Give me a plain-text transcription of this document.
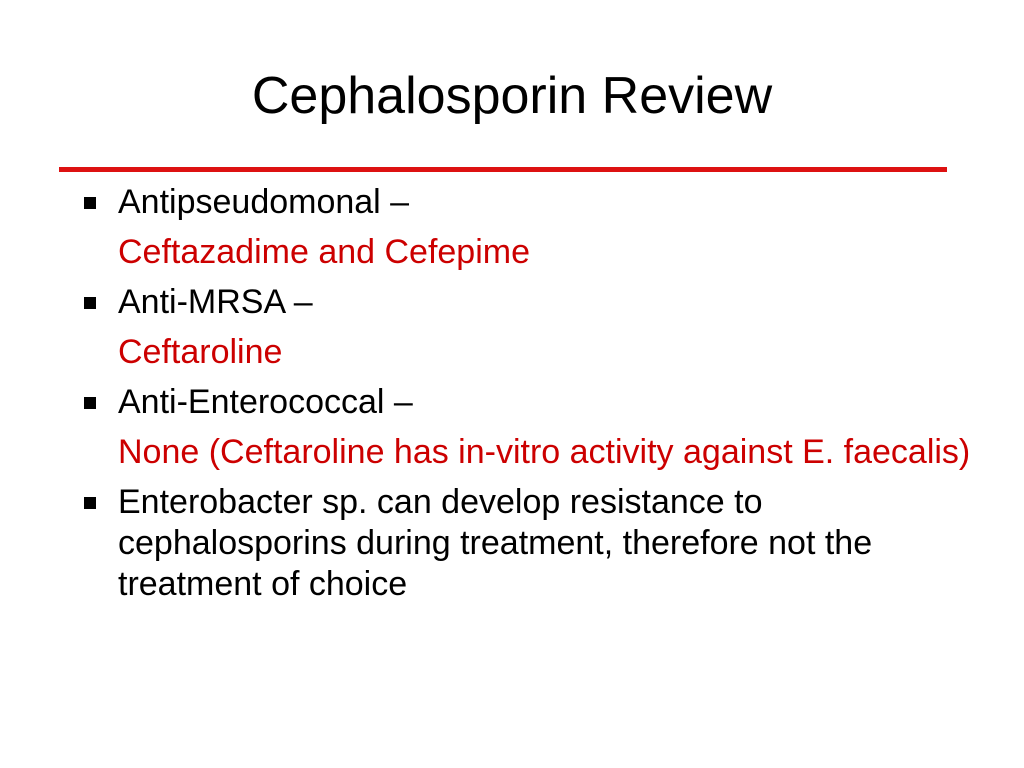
Cephalosporin Review
Antipseudomonal –
Ceftazadime and Cefepime
Anti-MRSA –
Ceftaroline
Anti-Enterococcal –
None (Ceftaroline has in-vitro activity against E. faecalis)
Enterobacter sp. can develop resistance to cephalosporins during treatment, therefore not the treatment of choice
